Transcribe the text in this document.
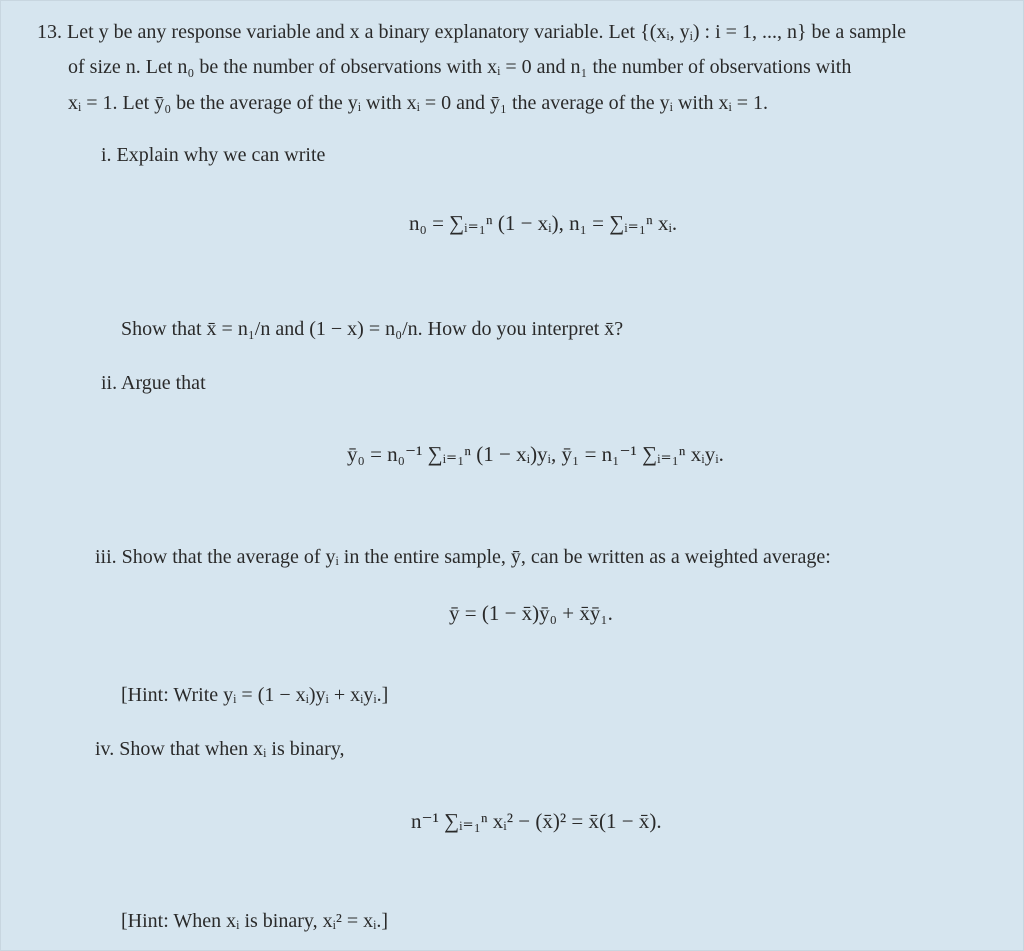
13. Let y be any response variable and x a binary explanatory variable. Let {(xᵢ, yᵢ) : i = 1, ..., n} be a sample
of size n. Let n₀ be the number of observations with xᵢ = 0 and n₁ the number of observations with
xᵢ = 1. Let ȳ₀ be the average of the yᵢ with xᵢ = 0 and ȳ₁ the average of the yᵢ with xᵢ = 1.
i. Explain why we can write
n₀ = ∑ᵢ₌₁ⁿ (1 − xᵢ), n₁ = ∑ᵢ₌₁ⁿ xᵢ.
Show that x̄ = n₁/n and (1 − x) = n₀/n. How do you interpret x̄?
ii. Argue that
ȳ₀ = n₀⁻¹ ∑ᵢ₌₁ⁿ (1 − xᵢ)yᵢ, ȳ₁ = n₁⁻¹ ∑ᵢ₌₁ⁿ xᵢyᵢ.
iii. Show that the average of yᵢ in the entire sample, ȳ, can be written as a weighted average:
ȳ = (1 − x̄)ȳ₀ + x̄ȳ₁.
[Hint: Write yᵢ = (1 − xᵢ)yᵢ + xᵢyᵢ.]
iv. Show that when xᵢ is binary,
n⁻¹ ∑ᵢ₌₁ⁿ xᵢ² − (x̄)² = x̄(1 − x̄).
[Hint: When xᵢ is binary, xᵢ² = xᵢ.]
